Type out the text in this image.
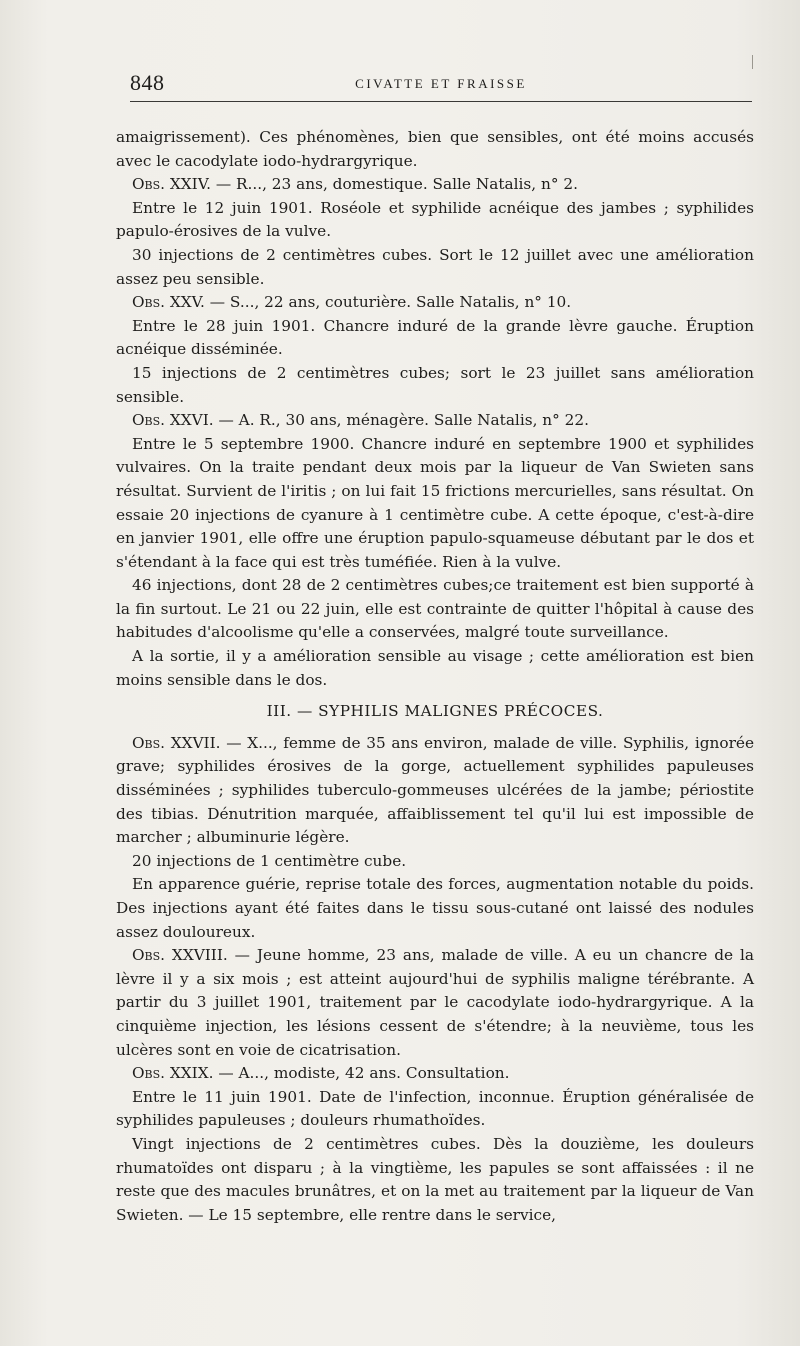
848	CIVATTE ET FRAISSE

amaigrissement). Ces phénomènes, bien que sensibles, ont été moins accusés avec le cacodylate iodo-hydrargyrique.

Obs. XXIV. — R..., 23 ans, domestique. Salle Natalis, n° 2.

Entre le 12 juin 1901. Roséole et syphilide acnéique des jambes ; syphilides papulo-érosives de la vulve.

30 injections de 2 centimètres cubes. Sort le 12 juillet avec une amélioration assez peu sensible.

Obs. XXV. — S..., 22 ans, couturière. Salle Natalis, n° 10.

Entre le 28 juin 1901. Chancre induré de la grande lèvre gauche. Éruption acnéique disséminée.

15 injections de 2 centimètres cubes; sort le 23 juillet sans amélioration sensible.

Obs. XXVI. — A. R., 30 ans, ménagère. Salle Natalis, n° 22.

Entre le 5 septembre 1900. Chancre induré en septembre 1900 et syphilides vulvaires. On la traite pendant deux mois par la liqueur de Van Swieten sans résultat. Survient de l'iritis ; on lui fait 15 frictions mercurielles, sans résultat. On essaie 20 injections de cyanure à 1 centimètre cube. A cette époque, c'est-à-dire en janvier 1901, elle offre une éruption papulo-squameuse débutant par le dos et s'étendant à la face qui est très tuméfiée. Rien à la vulve.

46 injections, dont 28 de 2 centimètres cubes;ce traitement est bien supporté à la fin surtout. Le 21 ou 22 juin, elle est contrainte de quitter l'hôpital à cause des habitudes d'alcoolisme qu'elle a conservées, malgré toute surveillance.

A la sortie, il y a amélioration sensible au visage ; cette amélioration est bien moins sensible dans le dos.

III. — SYPHILIS MALIGNES PRÉCOCES.

Obs. XXVII. — X..., femme de 35 ans environ, malade de ville. Syphilis, ignorée grave; syphilides érosives de la gorge, actuellement syphilides papuleuses disséminées ; syphilides tuberculo-gommeuses ulcérées de la jambe; périostite des tibias. Dénutrition marquée, affaiblissement tel qu'il lui est impossible de marcher ; albuminurie légère.

20 injections de 1 centimètre cube.

En apparence guérie, reprise totale des forces, augmentation notable du poids. Des injections ayant été faites dans le tissu sous-cutané ont laissé des nodules assez douloureux.

Obs. XXVIII. — Jeune homme, 23 ans, malade de ville. A eu un chancre de la lèvre il y a six mois ; est atteint aujourd'hui de syphilis maligne térébrante. A partir du 3 juillet 1901, traitement par le cacodylate iodo-hydrargyrique. A la cinquième injection, les lésions cessent de s'étendre; à la neuvième, tous les ulcères sont en voie de cicatrisation.

Obs. XXIX. — A..., modiste, 42 ans. Consultation.

Entre le 11 juin 1901. Date de l'infection, inconnue. Éruption généralisée de syphilides papuleuses ; douleurs rhumathoïdes.

Vingt injections de 2 centimètres cubes. Dès la douzième, les douleurs rhumatoïdes ont disparu ; à la vingtième, les papules se sont affaissées : il ne reste que des macules brunâtres, et on la met au traitement par la liqueur de Van Swieten. — Le 15 septembre, elle rentre dans le service,
